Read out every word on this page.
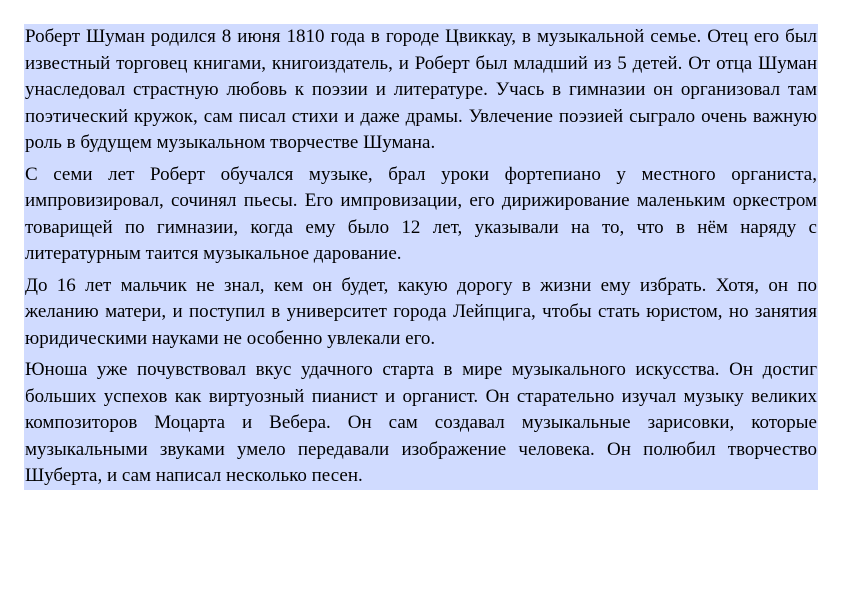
Роберт Шуман родился 8 июня 1810 года в городе Цвиккау, в музыкальной семье. Отец его был известный торговец книгами, книгоиздатель, и Роберт был младший из 5 детей. От отца Шуман унаследовал страстную любовь к поэзии и литературе. Учась в гимназии он организовал там поэтический кружок, сам писал стихи и даже драмы. Увлечение поэзией сыграло очень важную роль в будущем музыкальном творчестве Шумана.

С семи лет Роберт обучался музыке, брал уроки фортепиано у местного органиста, импровизировал, сочинял пьесы. Его импровизации, его дирижирование маленьким оркестром товарищей по гимназии, когда ему было 12 лет, указывали на то, что в нём наряду с литературным таится музыкальное дарование.

До 16 лет мальчик не знал, кем он будет, какую дорогу в жизни ему избрать. Хотя, он по желанию матери, и поступил в университет города Лейпцига, чтобы стать юристом, но занятия юридическими науками не особенно увлекали его.

Юноша уже почувствовал вкус удачного старта в мире музыкального искусства. Он достиг больших успехов как виртуозный пианист и органист. Он старательно изучал музыку великих композиторов Моцарта и Вебера. Он сам создавал музыкальные зарисовки, которые музыкальными звуками умело передавали изображение человека. Он полюбил творчество Шуберта, и сам написал несколько песен.
